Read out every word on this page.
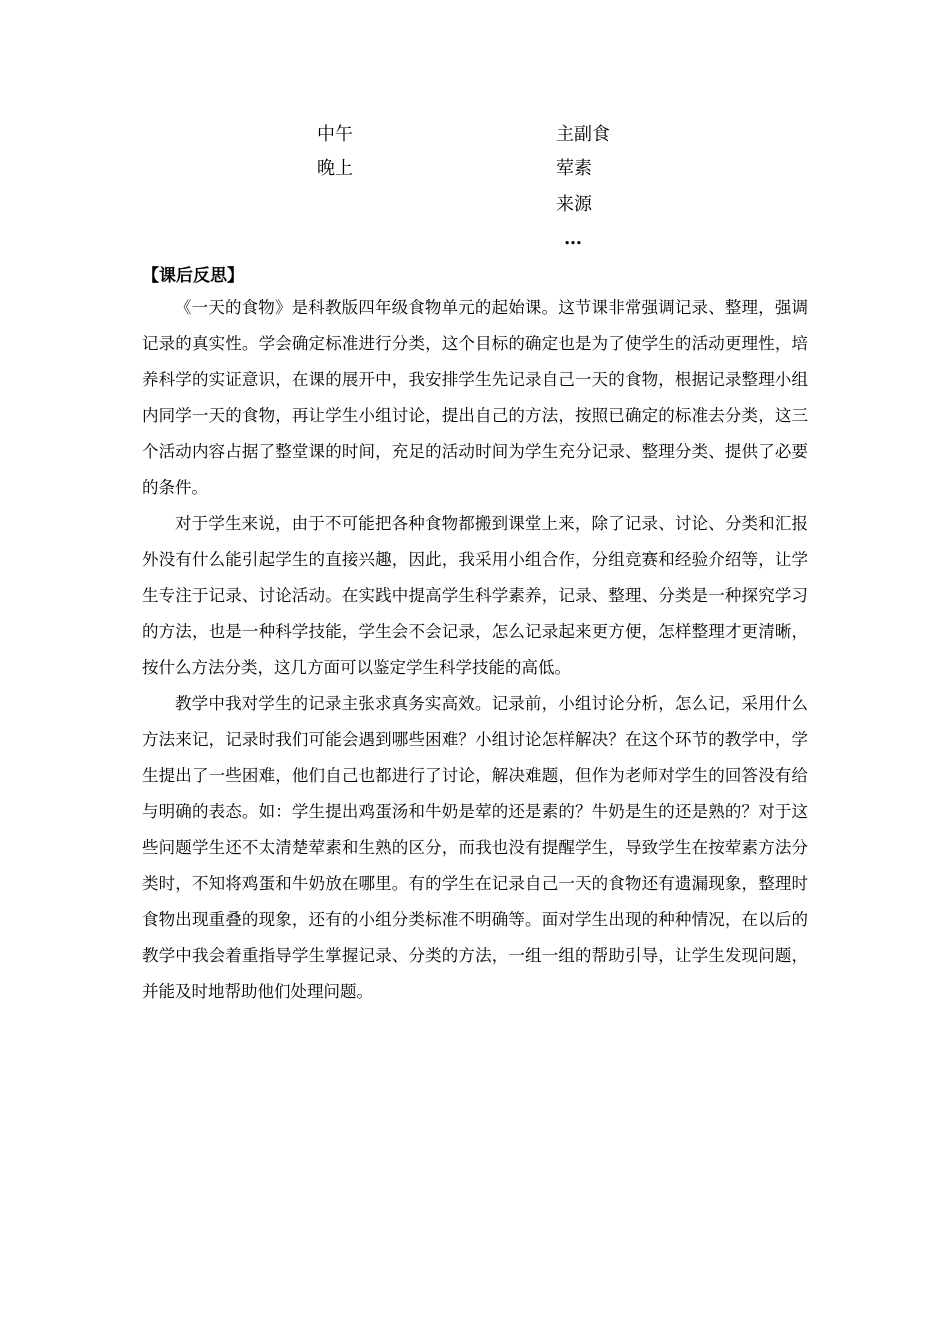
中午
晚上
主副食
荤素
来源
…
【课后反思】

《一天的食物》是科教版四年级食物单元的起始课。这节课非常强调记录、整理，强调记录的真实性。学会确定标准进行分类，这个目标的确定也是为了使学生的活动更理性，培养科学的实证意识，在课的展开中，我安排学生先记录自己一天的食物，根据记录整理小组内同学一天的食物，再让学生小组讨论，提出自己的方法，按照已确定的标准去分类，这三个活动内容占据了整堂课的时间，充足的活动时间为学生充分记录、整理分类、提供了必要的条件。

对于学生来说，由于不可能把各种食物都搬到课堂上来，除了记录、讨论、分类和汇报外没有什么能引起学生的直接兴趣，因此，我采用小组合作，分组竞赛和经验介绍等，让学生专注于记录、讨论活动。在实践中提高学生科学素养，记录、整理、分类是一种探究学习的方法，也是一种科学技能，学生会不会记录，怎么记录起来更方便，怎样整理才更清晰，按什么方法分类，这几方面可以鉴定学生科学技能的高低。

教学中我对学生的记录主张求真务实高效。记录前，小组讨论分析，怎么记，采用什么方法来记，记录时我们可能会遇到哪些困难？小组讨论怎样解决？在这个环节的教学中，学生提出了一些困难，他们自己也都进行了讨论，解决难题，但作为老师对学生的回答没有给与明确的表态。如：学生提出鸡蛋汤和牛奶是荤的还是素的？牛奶是生的还是熟的？对于这些问题学生还不太清楚荤素和生熟的区分，而我也没有提醒学生，导致学生在按荤素方法分类时，不知将鸡蛋和牛奶放在哪里。有的学生在记录自己一天的食物还有遗漏现象，整理时食物出现重叠的现象，还有的小组分类标准不明确等。面对学生出现的种种情况，在以后的教学中我会着重指导学生掌握记录、分类的方法，一组一组的帮助引导，让学生发现问题，并能及时地帮助他们处理问题。
